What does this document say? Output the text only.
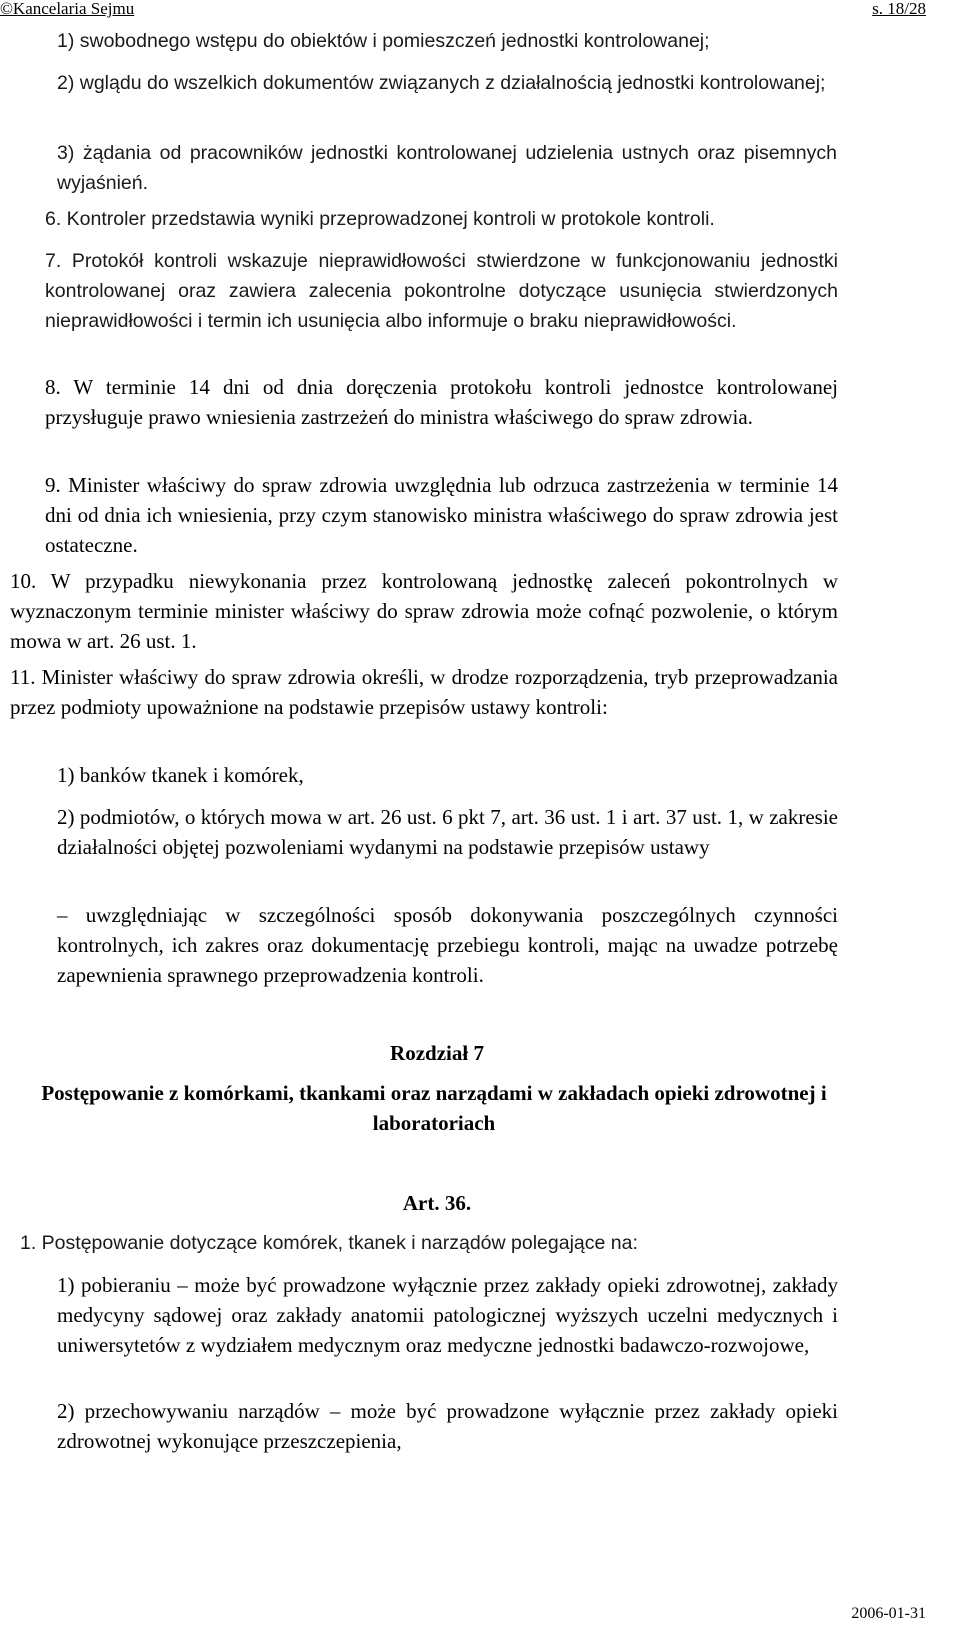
©Kancelaria Sejmu	s. 18/28

1) swobodnego wstępu do obiektów i pomieszczeń jednostki kontrolowanej;

2) wglądu do wszelkich dokumentów związanych z działalnością jednostki kontrolowanej;

3) żądania od pracowników jednostki kontrolowanej udzielenia ustnych oraz pisemnych wyjaśnień.

6. Kontroler przedstawia wyniki przeprowadzonej kontroli w protokole kontroli.

7. Protokół kontroli wskazuje nieprawidłowości stwierdzone w funkcjonowaniu jednostki kontrolowanej oraz zawiera zalecenia pokontrolne dotyczące usunięcia stwierdzonych nieprawidłowości i termin ich usunięcia albo informuje o braku nieprawidłowości.

8. W terminie 14 dni od dnia doręczenia protokołu kontroli jednostce kontrolowanej przysługuje prawo wniesienia zastrzeżeń do ministra właściwego do spraw zdrowia.

9. Minister właściwy do spraw zdrowia uwzględnia lub odrzuca zastrzeżenia w terminie 14 dni od dnia ich wniesienia, przy czym stanowisko ministra właściwego do spraw zdrowia jest ostateczne.

10. W przypadku niewykonania przez kontrolowaną jednostkę zaleceń pokontrolnych w wyznaczonym terminie minister właściwy do spraw zdrowia może cofnąć pozwolenie, o którym mowa w art. 26 ust. 1.

11. Minister właściwy do spraw zdrowia określi, w drodze rozporządzenia, tryb przeprowadzania przez podmioty upoważnione na podstawie przepisów ustawy kontroli:

1) banków tkanek i komórek,

2) podmiotów, o których mowa w art. 26 ust. 6 pkt 7, art. 36 ust. 1 i art. 37 ust. 1, w zakresie działalności objętej pozwoleniami wydanymi na podstawie przepisów ustawy

– uwzględniając w szczególności sposób dokonywania poszczególnych czynności kontrolnych, ich zakres oraz dokumentację przebiegu kontroli, mając na uwadze potrzebę zapewnienia sprawnego przeprowadzenia kontroli.

Rozdział 7
Postępowanie z komórkami, tkankami oraz narządami w zakładach opieki zdrowotnej i laboratoriach
Art. 36.

1. Postępowanie dotyczące komórek, tkanek i narządów polegające na:

1) pobieraniu – może być prowadzone wyłącznie przez zakłady opieki zdrowotnej, zakłady medycyny sądowej oraz zakłady anatomii patologicznej wyższych uczelni medycznych i uniwersytetów z wydziałem medycznym oraz medyczne jednostki badawczo-rozwojowe,

2) przechowywaniu narządów – może być prowadzone wyłącznie przez zakłady opieki zdrowotnej wykonujące przeszczepienia,

2006-01-31
